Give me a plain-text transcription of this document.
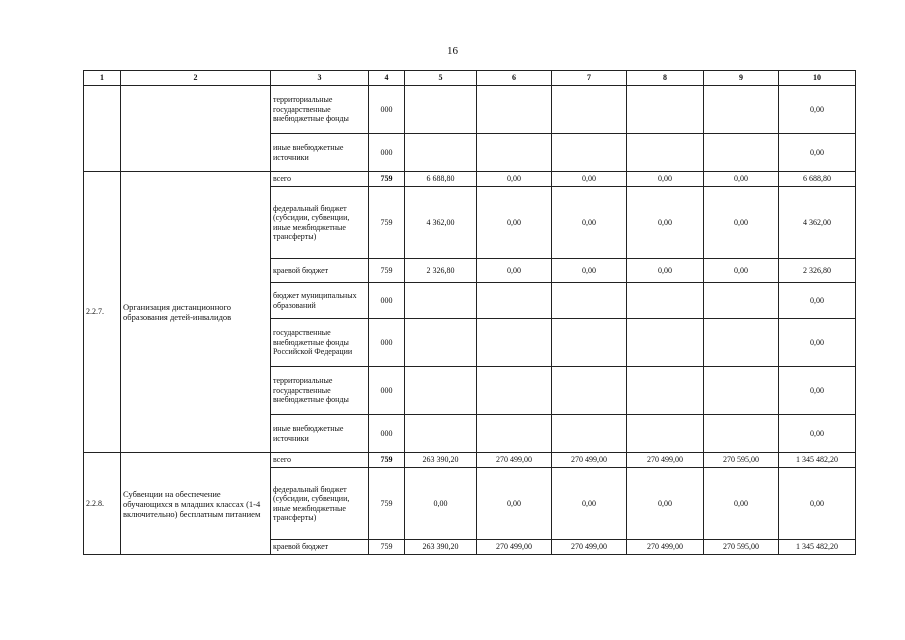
16
1	2	3	4	5	6	7	8	9	10
		территориальные государственные внебюджетные фонды	000						0,00
		иные внебюджетные источники	000						0,00
2.2.7.	Организация дистанционного образования детей-инвалидов	всего	759	6 688,80	0,00	0,00	0,00	0,00	6 688,80
		федеральный бюджет (субсидии, субвенции, иные межбюджетные трансферты)	759	4 362,00	0,00	0,00	0,00	0,00	4 362,00
		краевой бюджет	759	2 326,80	0,00	0,00	0,00	0,00	2 326,80
		бюджет муниципальных образований	000						0,00
		государственные внебюджетные фонды Российской Федерации	000						0,00
		территориальные государственные внебюджетные фонды	000						0,00
		иные внебюджетные источники	000						0,00
2.2.8.	Субвенции на обеспечение обучающихся в младших классах (1-4 включительно) бесплатным питанием	всего	759	263 390,20	270 499,00	270 499,00	270 499,00	270 595,00	1 345 482,20
		федеральный бюджет (субсидии, субвенции, иные межбюджетные трансферты)	759	0,00	0,00	0,00	0,00	0,00	0,00
		краевой бюджет	759	263 390,20	270 499,00	270 499,00	270 499,00	270 595,00	1 345 482,20
